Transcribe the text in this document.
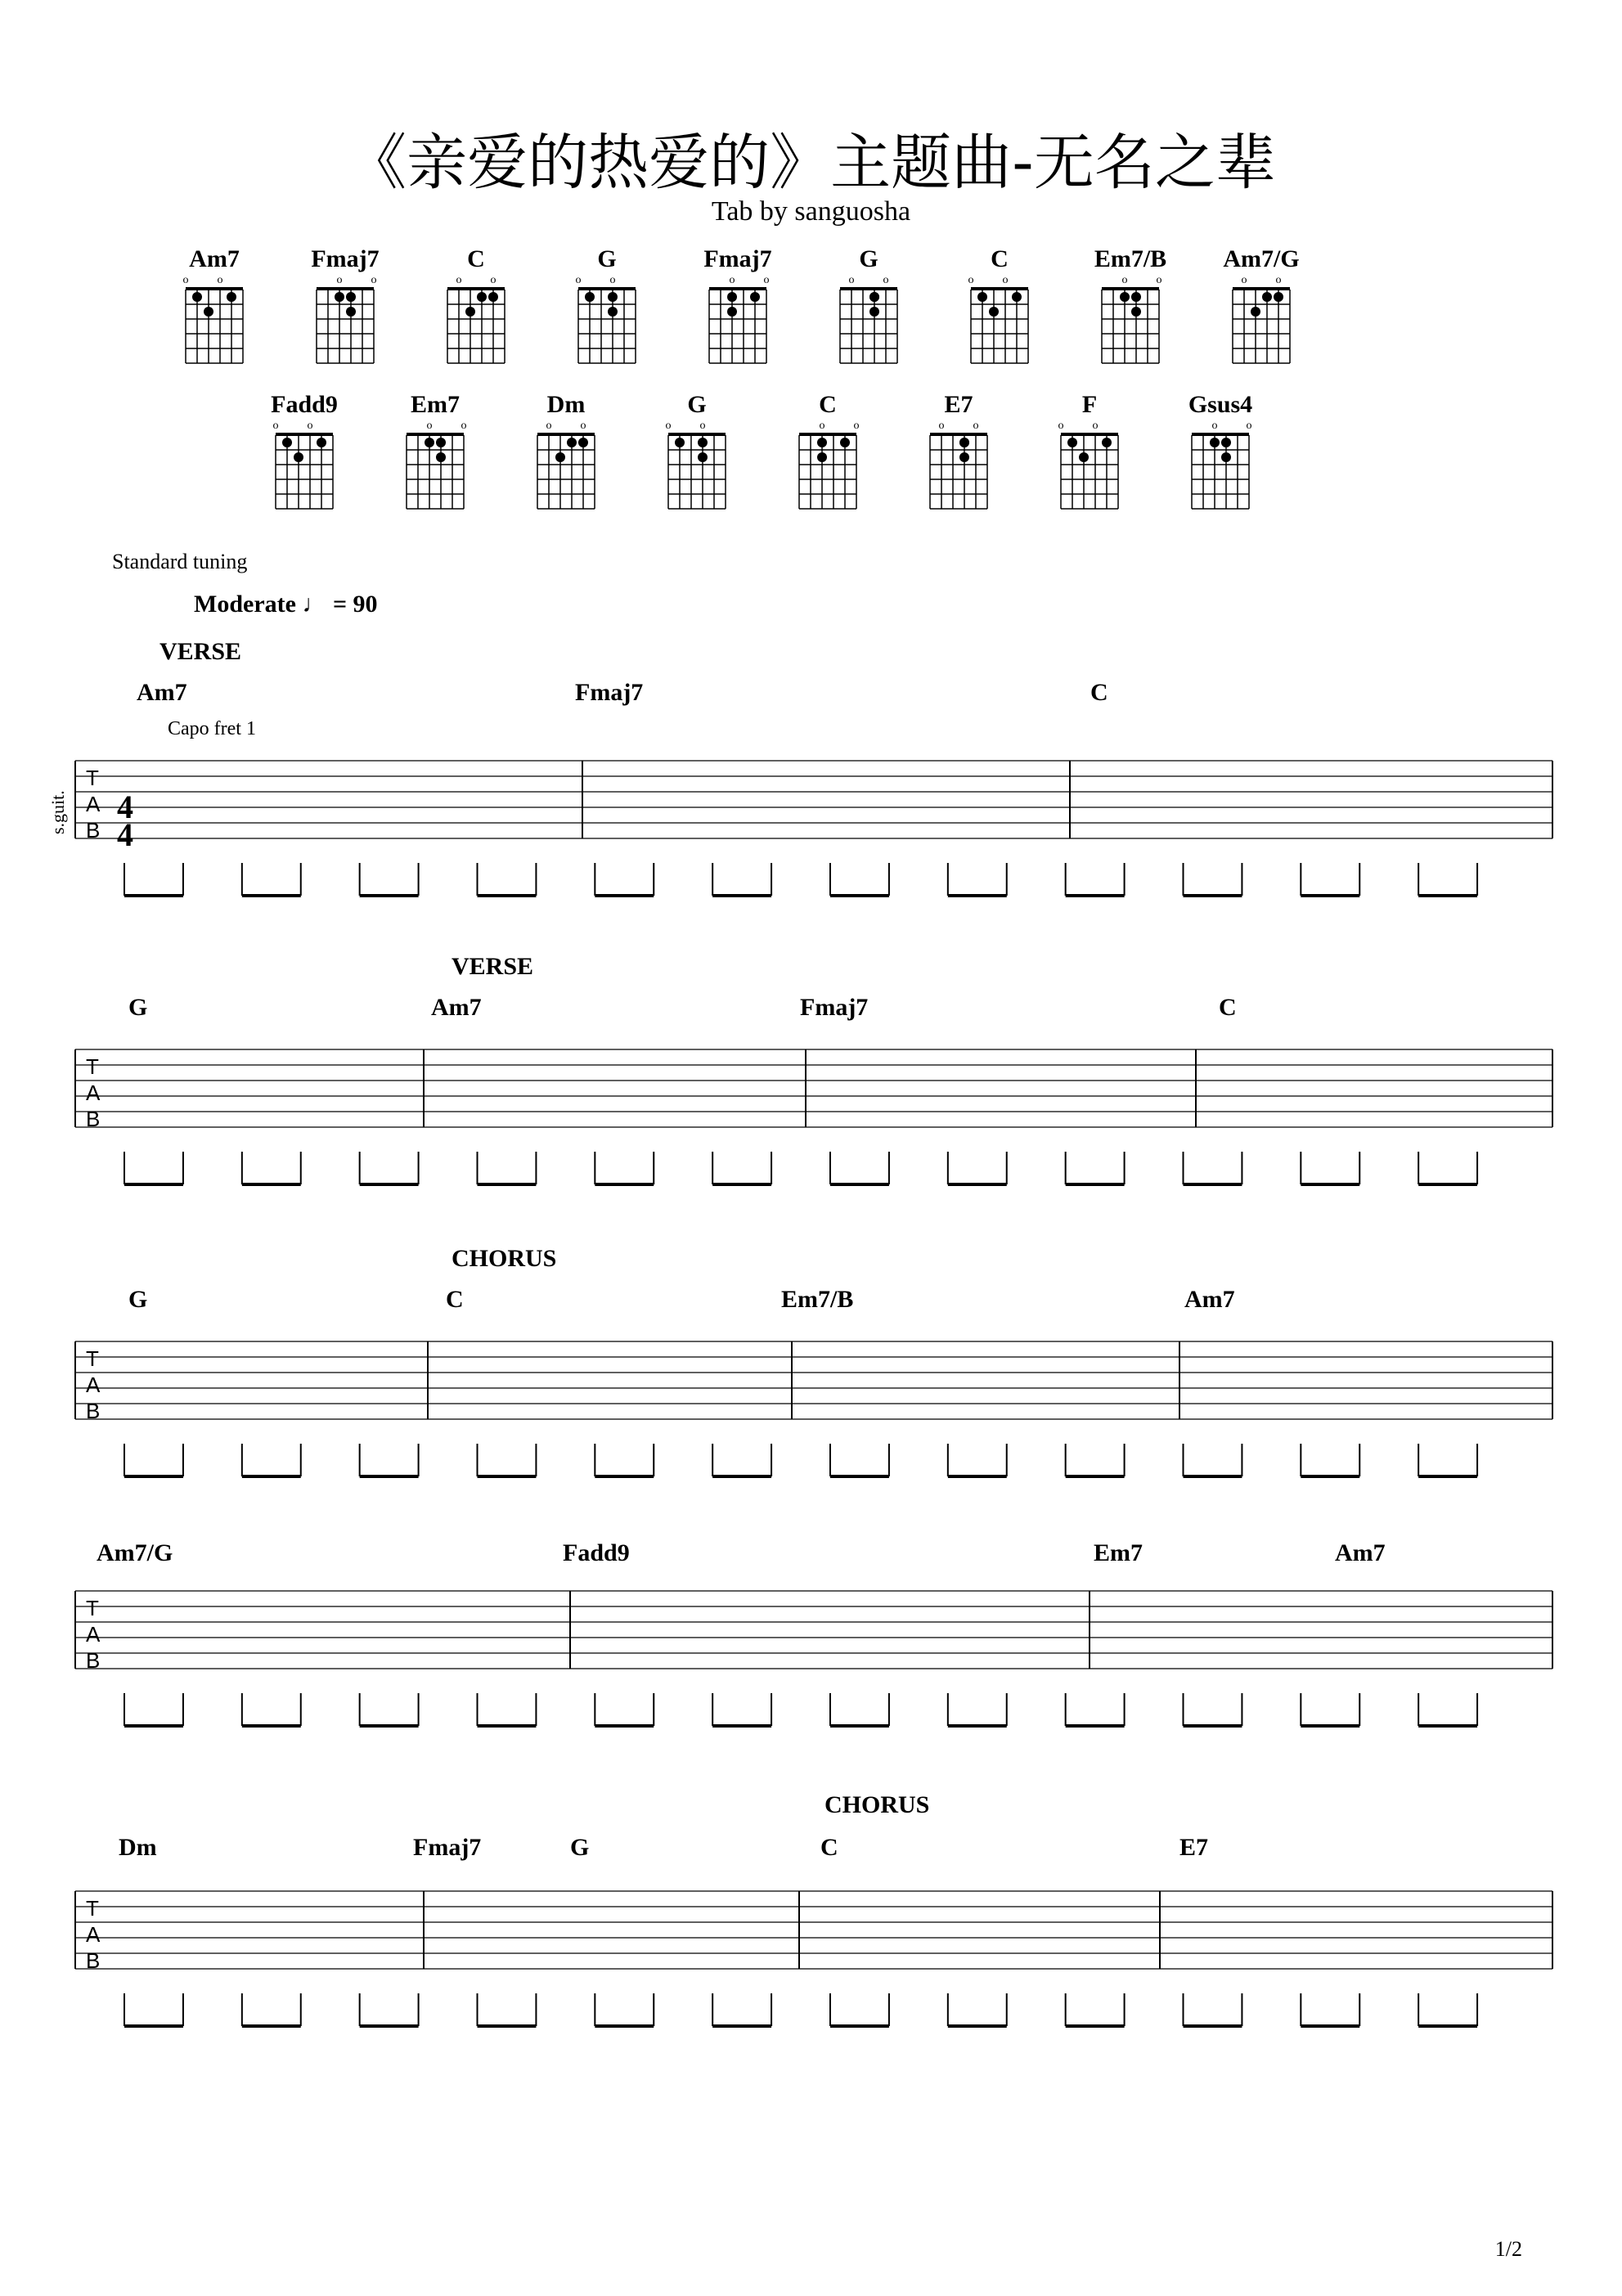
《亲爱的热爱的》主题曲-无名之辈
Tab by sanguosha
Am7
o	o
Fmaj7
o	o
C
o	o
G
o	o
Fmaj7
o	o
G
o	o
C
o	o
Em7/B
o	o
Am7/G
o	o
Fadd9
o	o
Em7
o	o
Dm
o	o
G
o	o
C
o	o
E7
o	o
F
o	o
Gsus4
o	o
Standard tuning
Moderate ♩ = 90
VERSE
VERSE
CHORUS
CHORUS
Capo fret 1
s.guit.
Am7	Fmaj7	C
G	Am7	Fmaj7	C
G	C	Em7/B	Am7
Am7/G	Fadd9	Em7	Am7
Dm	Fmaj7	G	C	E7
T
A
B
T
A
B
T
A
B
T
A
B
T
A
B
4
4
1/2
